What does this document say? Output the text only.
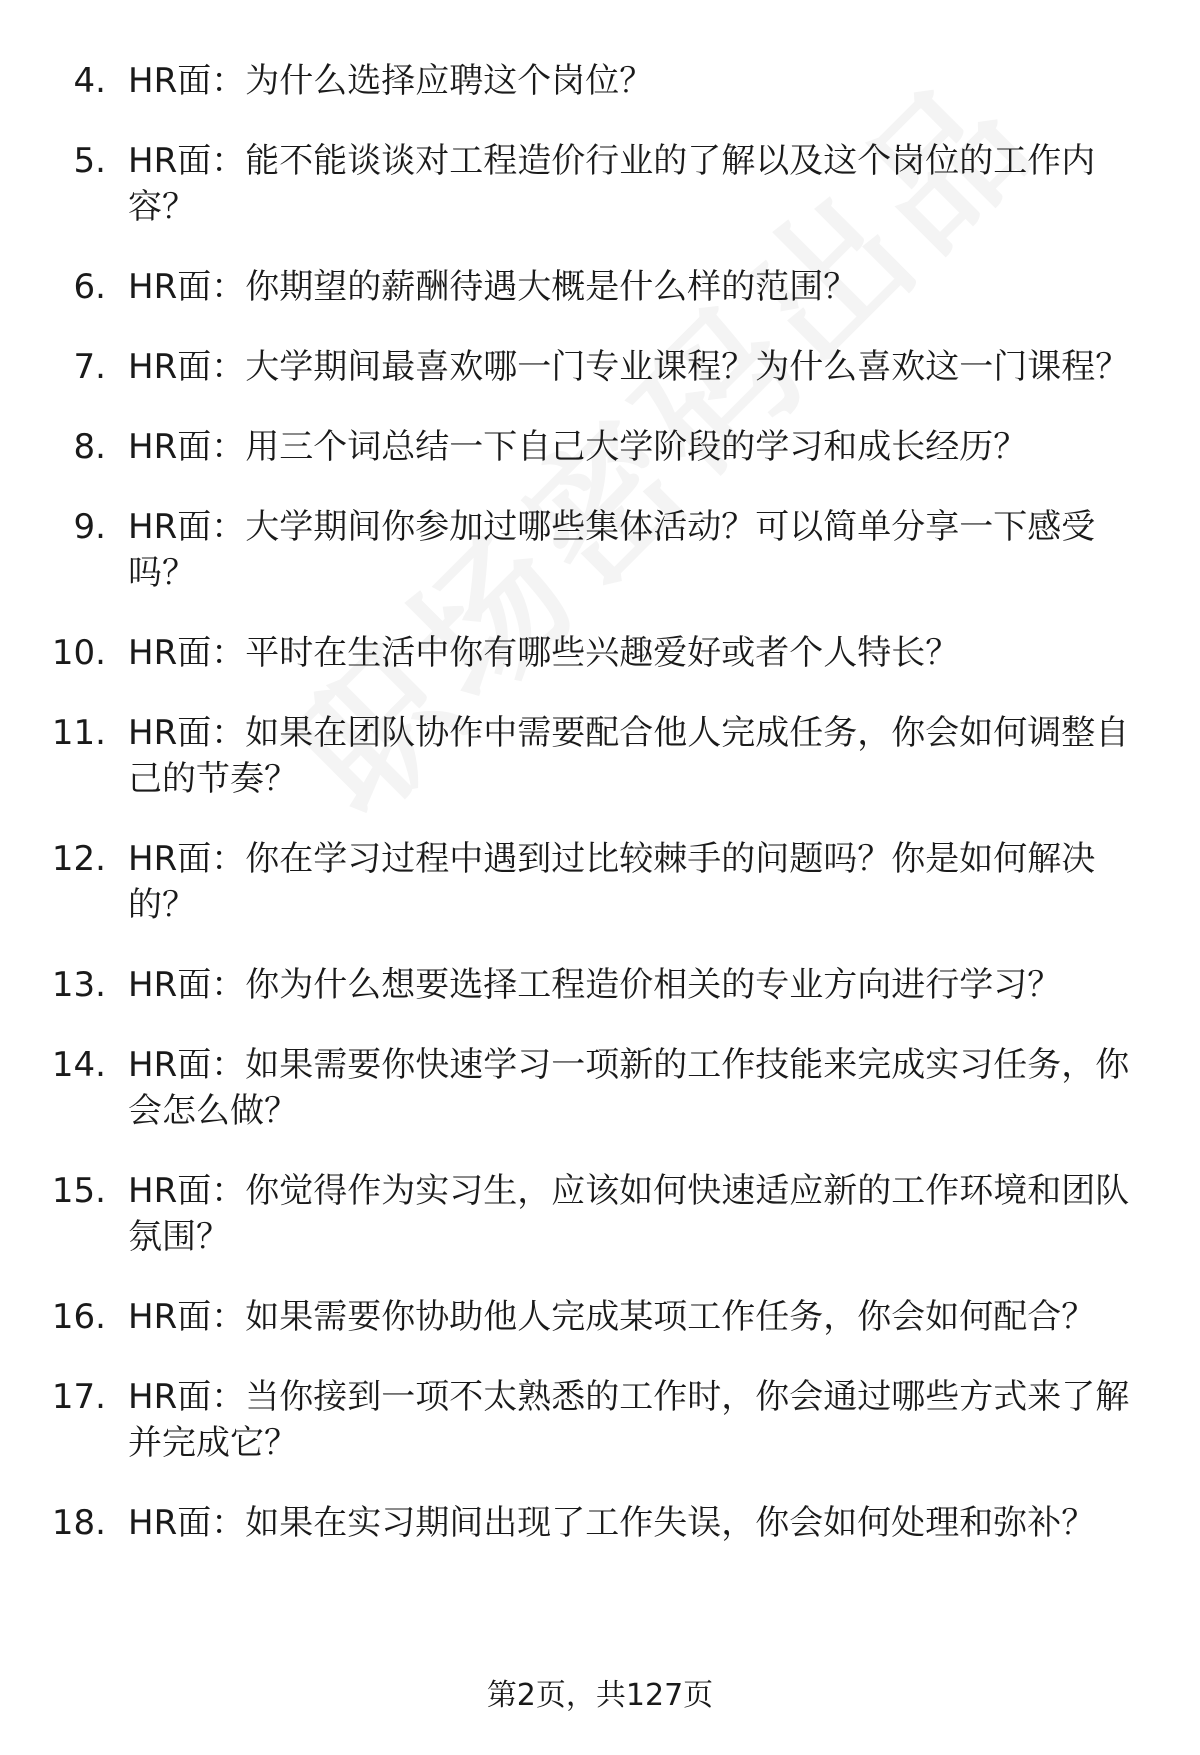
4. HR面：为什么选择应聘这个岗位？
5. HR面：能不能谈谈对工程造价行业的了解以及这个岗位的工作内容？
6. HR面：你期望的薪酬待遇大概是什么样的范围？
7. HR面：大学期间最喜欢哪一门专业课程？为什么喜欢这一门课程？
8. HR面：用三个词总结一下自己大学阶段的学习和成长经历？
9. HR面：大学期间你参加过哪些集体活动？可以简单分享一下感受吗？
10. HR面：平时在生活中你有哪些兴趣爱好或者个人特长？
11. HR面：如果在团队协作中需要配合他人完成任务，你会如何调整自己的节奏？
12. HR面：你在学习过程中遇到过比较棘手的问题吗？你是如何解决的？
13. HR面：你为什么想要选择工程造价相关的专业方向进行学习？
14. HR面：如果需要你快速学习一项新的工作技能来完成实习任务，你会怎么做？
15. HR面：你觉得作为实习生，应该如何快速适应新的工作环境和团队氛围？
16. HR面：如果需要你协助他人完成某项工作任务，你会如何配合？
17. HR面：当你接到一项不太熟悉的工作时，你会通过哪些方式来了解并完成它？
18. HR面：如果在实习期间出现了工作失误，你会如何处理和弥补？
第2页，共127页
